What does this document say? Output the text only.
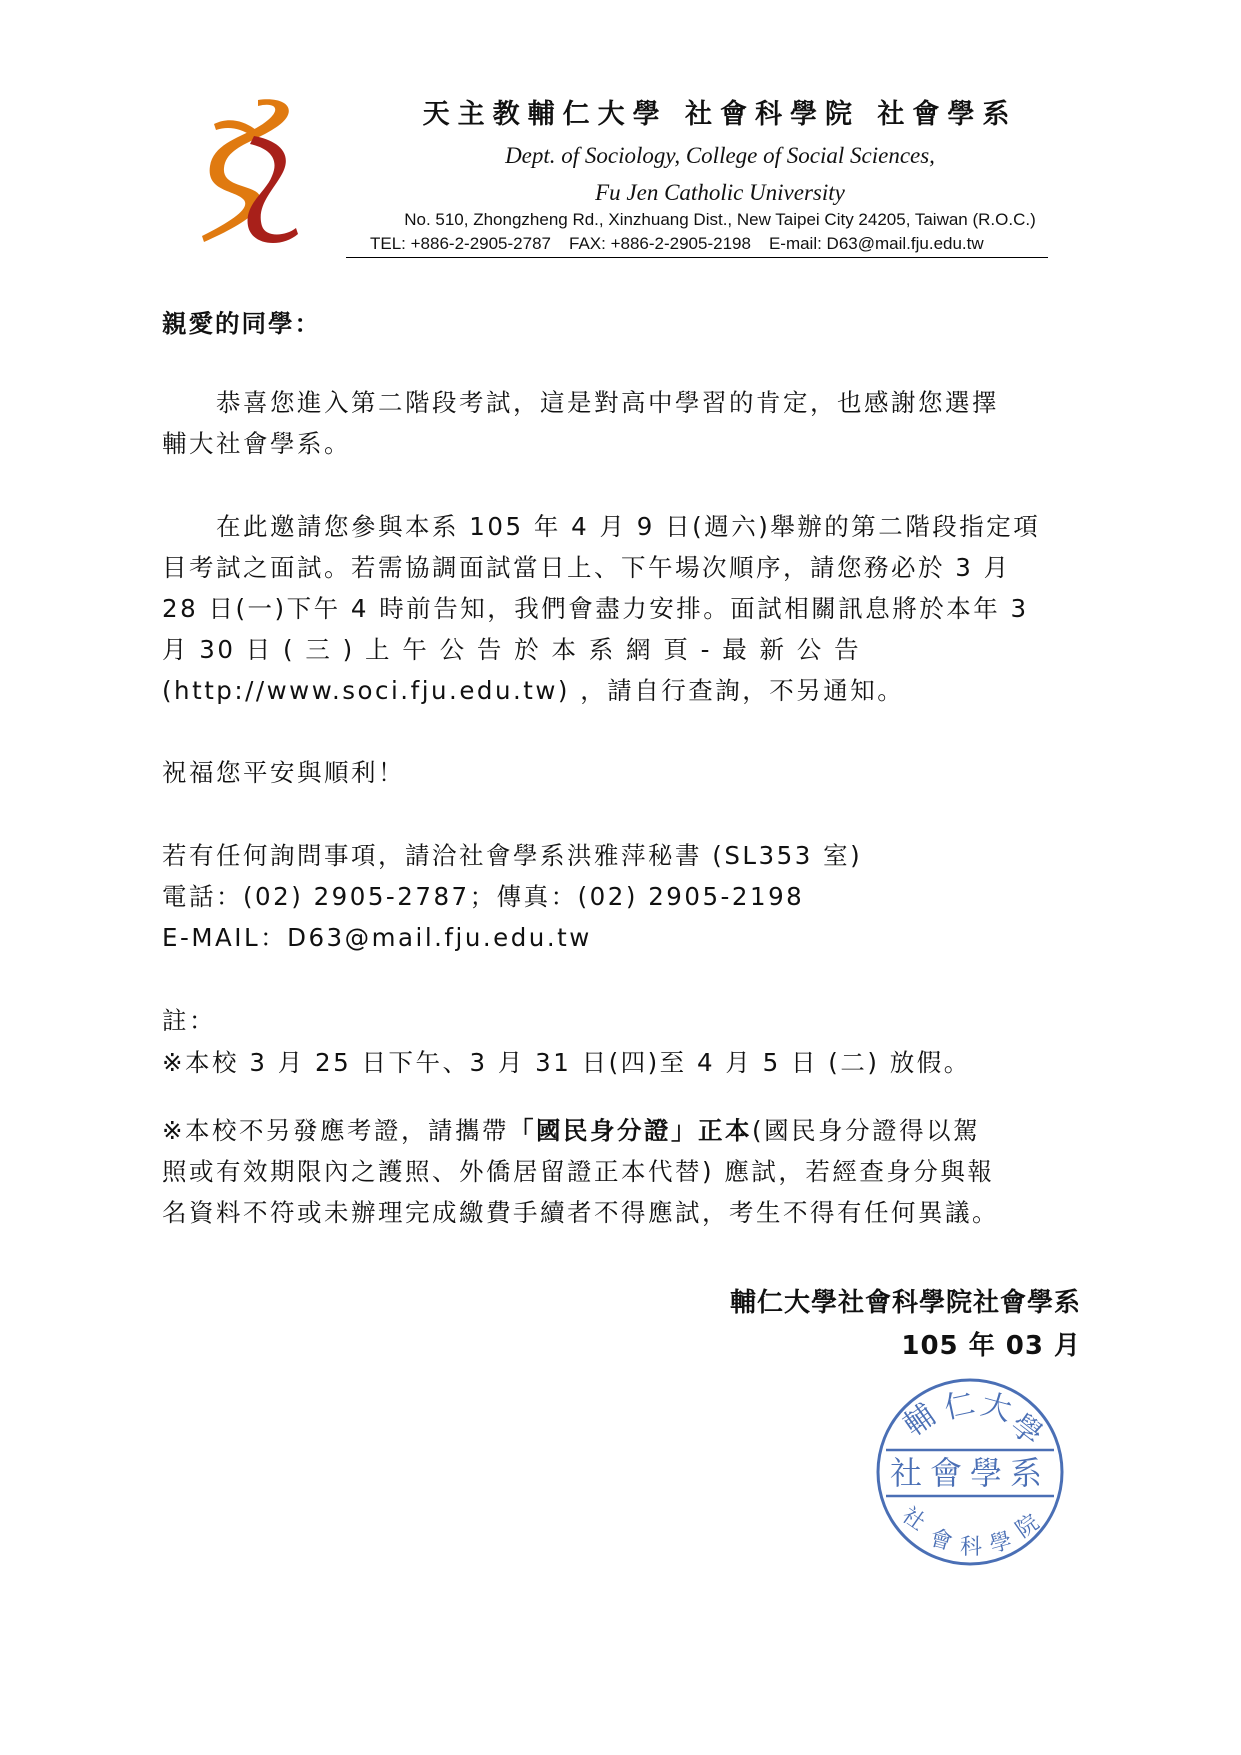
天主教輔仁大學 社會科學院 社會學系
Dept. of Sociology, College of Social Sciences,
Fu Jen Catholic University
No. 510, Zhongzheng Rd., Xinzhuang Dist., New Taipei City 24205, Taiwan (R.O.C.)
TEL: +886-2-2905-2787 FAX: +886-2-2905-2198 E-mail: D63@mail.fju.edu.tw
親愛的同學：
恭喜您進入第二階段考試，這是對高中學習的肯定，也感謝您選擇
輔大社會學系。
在此邀請您參與本系 105 年 4 月 9 日(週六)舉辦的第二階段指定項
目考試之面試。若需協調面試當日上、下午場次順序，請您務必於 3 月
28 日(一)下午 4 時前告知，我們會盡力安排。面試相關訊息將於本年 3
月 30 日 ( 三 ) 上 午 公 告 於 本 系 網 頁 - 最 新 公 告
(http://www.soci.fju.edu.tw) ，請自行查詢，不另通知。
祝福您平安與順利！
若有任何詢問事項，請洽社會學系洪雅萍秘書 (SL353 室)
電話：(02) 2905-2787；傳真：(02) 2905-2198
E-MAIL：D63@mail.fju.edu.tw
註：
※本校 3 月 25 日下午、3 月 31 日(四)至 4 月 5 日 (二) 放假。
※本校不另發應考證，請攜帶「國民身分證」正本(國民身分證得以駕
照或有效期限內之護照、外僑居留證正本代替) 應試，若經查身分與報
名資料不符或未辦理完成繳費手續者不得應試，考生不得有任何異議。
輔仁大學社會科學院社會學系
105 年 03 月
輔 仁 大
學
社會學系
社
會 科 學
院
